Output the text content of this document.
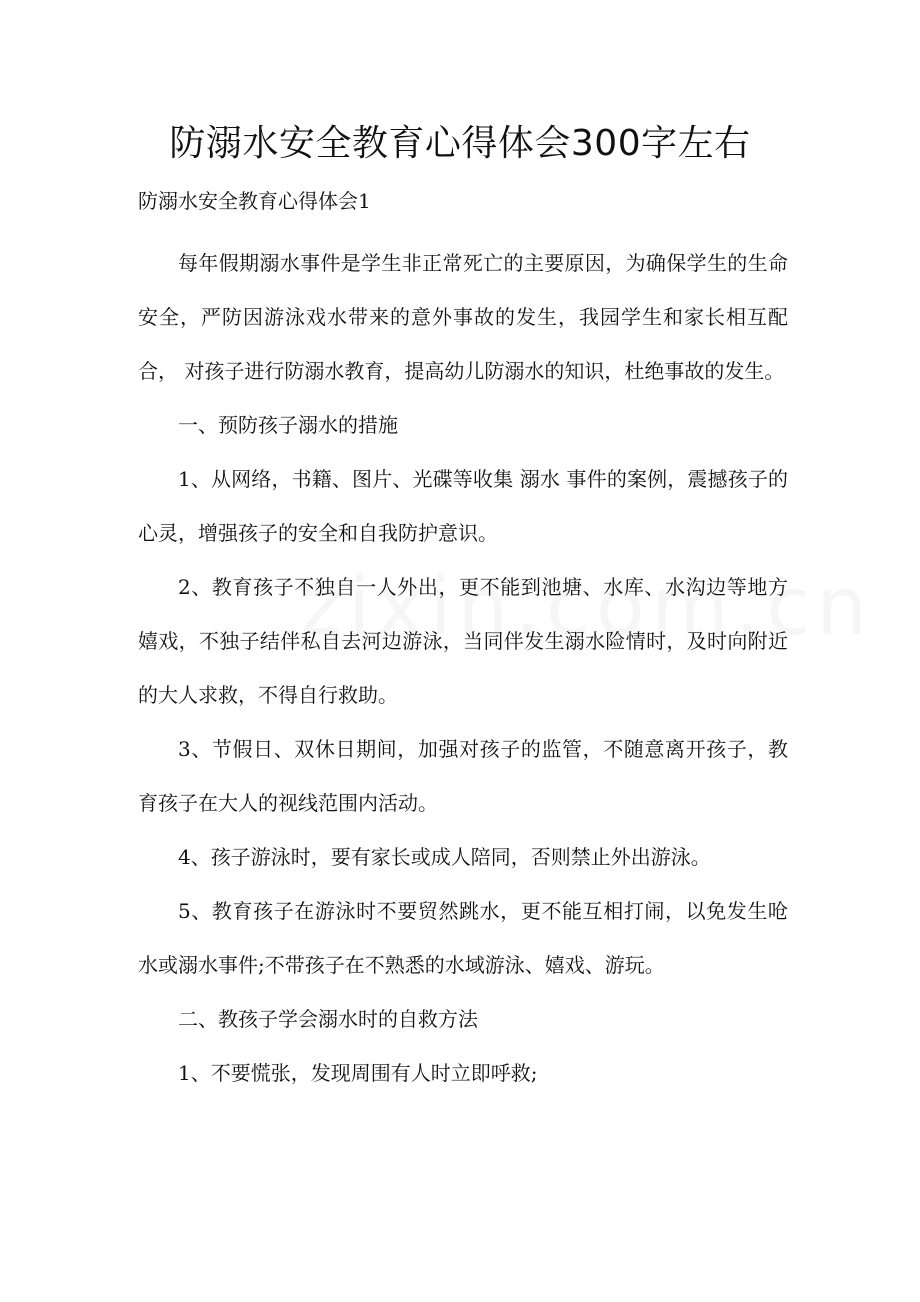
防溺水安全教育心得体会300字左右

防溺水安全教育心得体会1

每年假期溺水事件是学生非正常死亡的主要原因，为确保学生的生命安全，严防因游泳戏水带来的意外事故的发生，我园学生和家长相互配合， 对孩子进行防溺水教育，提高幼儿防溺水的知识，杜绝事故的发生。

一、预防孩子溺水的措施

1、从网络，书籍、图片、光碟等收集 溺水 事件的案例，震撼孩子的心灵，增强孩子的安全和自我防护意识。

2、教育孩子不独自一人外出，更不能到池塘、水库、水沟边等地方嬉戏，不独子结伴私自去河边游泳，当同伴发生溺水险情时，及时向附近的大人求救，不得自行救助。

3、节假日、双休日期间，加强对孩子的监管，不随意离开孩子，教育孩子在大人的视线范围内活动。

4、孩子游泳时，要有家长或成人陪同，否则禁止外出游泳。

5、教育孩子在游泳时不要贸然跳水，更不能互相打闹，以免发生呛水或溺水事件;不带孩子在不熟悉的水域游泳、嬉戏、游玩。

二、教孩子学会溺水时的自救方法

1、不要慌张，发现周围有人时立即呼救;
